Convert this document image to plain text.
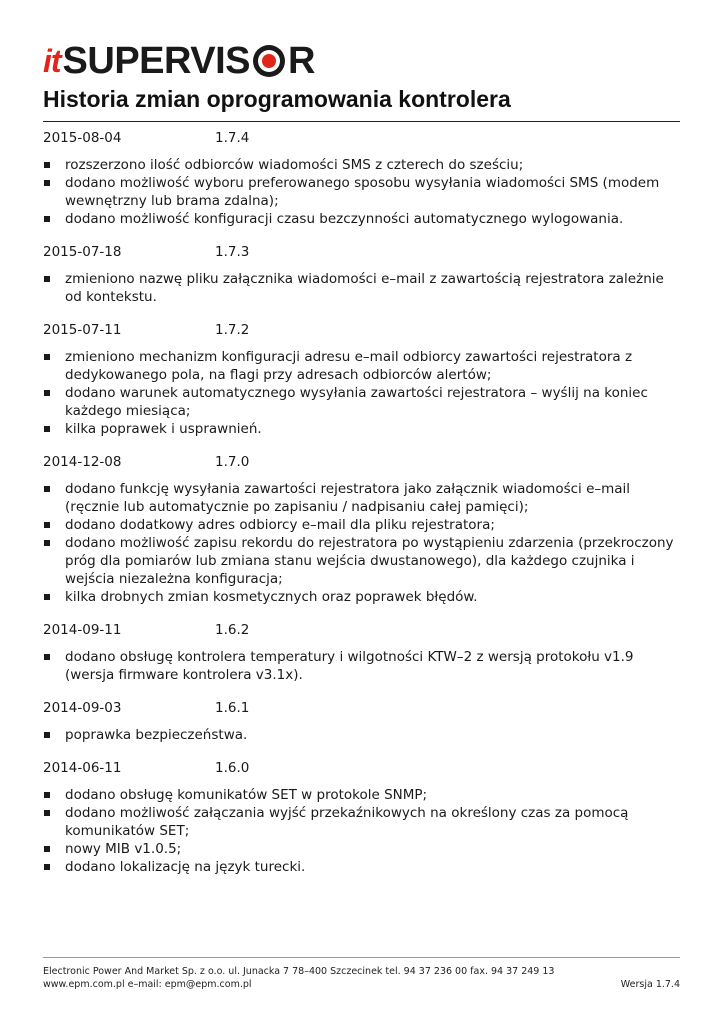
it SUPERVIS R
Historia zmian oprogramowania kontrolera
2015-08-04	1.7.4
rozszerzono ilość odbiorców wiadomości SMS z czterech do sześciu;
dodano możliwość wyboru preferowanego sposobu wysyłania wiadomości SMS (modem wewnętrzny lub brama zdalna);
dodano możliwość konfiguracji czasu bezczynności automatycznego wylogowania.
2015-07-18	1.7.3
zmieniono nazwę pliku załącznika wiadomości e–mail z zawartością rejestratora zależnie od kontekstu.
2015-07-11	1.7.2
zmieniono mechanizm konfiguracji adresu e–mail odbiorcy zawartości rejestratora z dedykowanego pola, na flagi przy adresach odbiorców alertów;
dodano warunek automatycznego wysyłania zawartości rejestratora – wyślij na koniec każdego miesiąca;
kilka poprawek i usprawnień.
2014-12-08	1.7.0
dodano funkcję wysyłania zawartości rejestratora jako załącznik wiadomości e–mail (ręcznie lub automatycznie po zapisaniu / nadpisaniu całej pamięci);
dodano dodatkowy adres odbiorcy e–mail dla pliku rejestratora;
dodano możliwość zapisu rekordu do rejestratora po wystąpieniu zdarzenia (przekroczony próg dla pomiarów lub zmiana stanu wejścia dwustanowego), dla każdego czujnika i wejścia niezależna konfiguracja;
kilka drobnych zmian kosmetycznych oraz poprawek błędów.
2014-09-11	1.6.2
dodano obsługę kontrolera temperatury i wilgotności KTW–2 z wersją protokołu v1.9 (wersja firmware kontrolera v3.1x).
2014-09-03	1.6.1
poprawka bezpieczeństwa.
2014-06-11	1.6.0
dodano obsługę komunikatów SET w protokole SNMP;
dodano możliwość załączania wyjść przekaźnikowych na określony czas za pomocą komunikatów SET;
nowy MIB v1.0.5;
dodano lokalizację na język turecki.
Electronic Power And Market Sp. z o.o. ul. Junacka 7 78–400 Szczecinek tel. 94 37 236 00 fax. 94 37 249 13
www.epm.com.pl e–mail: epm@epm.com.pl	Wersja 1.7.4
